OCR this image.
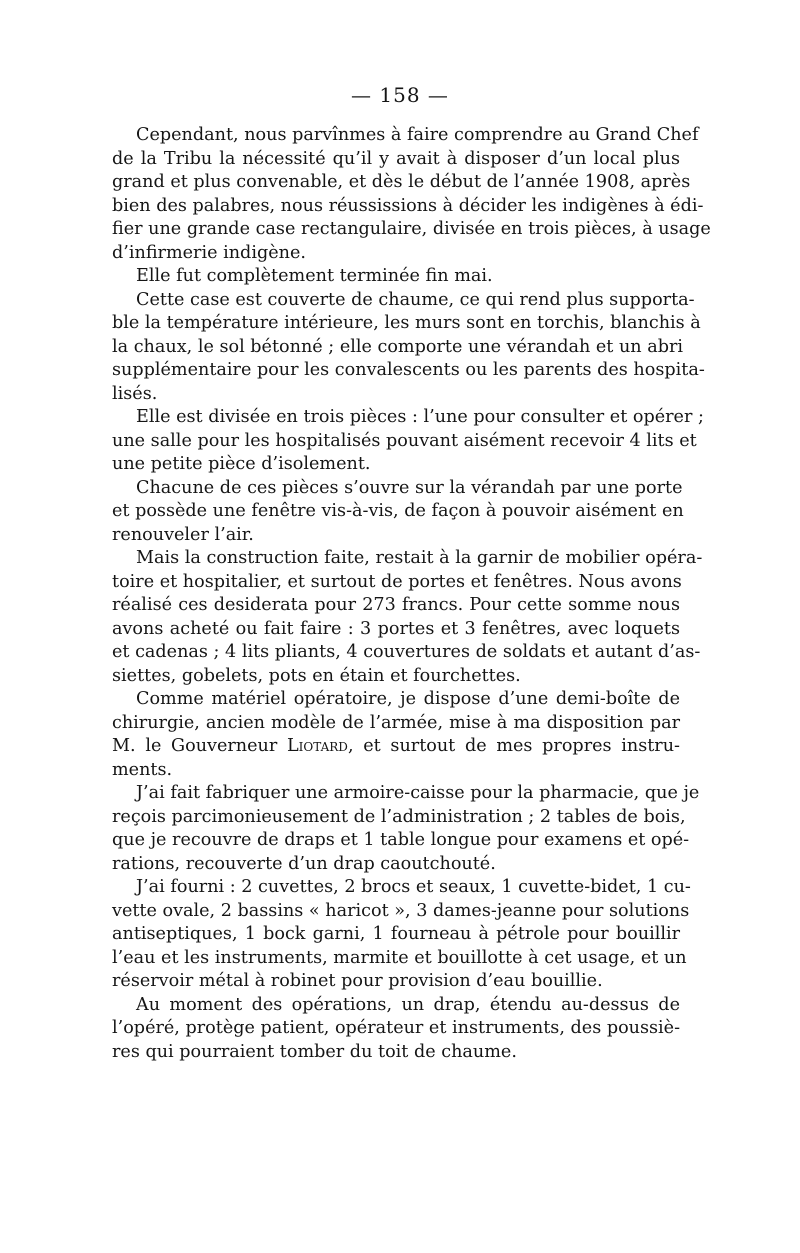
— 158 —
Cependant, nous parvînmes à faire comprendre au Grand Chef
de la Tribu la nécessité qu’il y avait à disposer d’un local plus
grand et plus convenable, et dès le début de l’année 1908, après
bien des palabres, nous réussissions à décider les indigènes à édi-
fier une grande case rectangulaire, divisée en trois pièces, à usage
d’infirmerie indigène.
Elle fut complètement terminée fin mai.
Cette case est couverte de chaume, ce qui rend plus supporta-
ble la température intérieure, les murs sont en torchis, blanchis à
la chaux, le sol bétonné ; elle comporte une vérandah et un abri
supplémentaire pour les convalescents ou les parents des hospita-
lisés.
Elle est divisée en trois pièces : l’une pour consulter et opérer ;
une salle pour les hospitalisés pouvant aisément recevoir 4 lits et
une petite pièce d’isolement.
Chacune de ces pièces s’ouvre sur la vérandah par une porte
et possède une fenêtre vis-à-vis, de façon à pouvoir aisément en
renouveler l’air.
Mais la construction faite, restait à la garnir de mobilier opéra-
toire et hospitalier, et surtout de portes et fenêtres. Nous avons
réalisé ces desiderata pour 273 francs. Pour cette somme nous
avons acheté ou fait faire : 3 portes et 3 fenêtres, avec loquets
et cadenas ; 4 lits pliants, 4 couvertures de soldats et autant d’as-
siettes, gobelets, pots en étain et fourchettes.
Comme matériel opératoire, je dispose d’une demi-boîte de
chirurgie, ancien modèle de l’armée, mise à ma disposition par
M. le Gouverneur Liotard, et surtout de mes propres instru-
ments.
J’ai fait fabriquer une armoire-caisse pour la pharmacie, que je
reçois parcimonieusement de l’administration ; 2 tables de bois,
que je recouvre de draps et 1 table longue pour examens et opé-
rations, recouverte d’un drap caoutchouté.
J’ai fourni : 2 cuvettes, 2 brocs et seaux, 1 cuvette-bidet, 1 cu-
vette ovale, 2 bassins « haricot », 3 dames-jeanne pour solutions
antiseptiques, 1 bock garni, 1 fourneau à pétrole pour bouillir
l’eau et les instruments, marmite et bouillotte à cet usage, et un
réservoir métal à robinet pour provision d’eau bouillie.
Au moment des opérations, un drap, étendu au-dessus de
l’opéré, protège patient, opérateur et instruments, des poussiè-
res qui pourraient tomber du toit de chaume.
